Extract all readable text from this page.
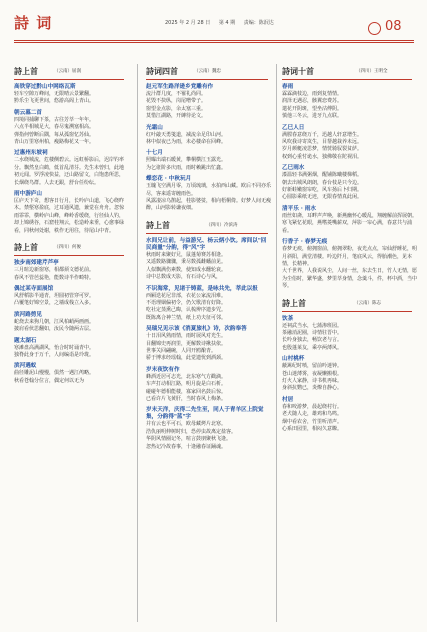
詩 词	2025 年 2 月 28 日 第 4 期 责编：陈泯达	08
詩上首	（云南）屈润
高铁穿过黔山中网络瓦斯
轻车空隙万峰间，无限晴云景繁翻。
黔乐尘飞更世间，悠游高阁上青山。
朝云墓二首
四境同捕聊下茶，古往芳萃一年年。
六点半相城足大，春尽鬼溯塞相高。
弹指何曾断后隅，每从孤窗忆苏仙。
青山万里寒州柏，瘦路梅花又一年。
过惠州东坡祠
二水绕城流，危楼侧碧云。远虹桥影后，迟岸钓率分。飘然皇白鹤，低首乱清芬。先生未曾归，此地初元闻。罗浮凌快益，迂山路留文，白饱患所思，长烟绕鸟群。人去无跟，舒台任纷纭。
雨中游庐山
匡庐天下奇，想客日行月，长吟庐山道，飞心绕昨木。禁壑寒盈底，过耳通风遗，兼觉在舟舟。忽惊雨霏霏，横岭庐山峰，峰岭香缓绕，行径仙人钓，却上锦绣谷，石窟桂翔云，松造岭来垂，心愈事绿看，同秋何处谢，秩作无用往，待尾山中青。
詩上首	（四川）何俊
独步南郊建芹芦亭
三月暄边新窗寒，相都须文德花前。
春风不管芭蕊艳，能数诗半作畸特。
偶过某寺面展馆
风舒稻影半通青，坦圆初管穿可罗。
凸覆笔好锦空景，之墙成栈立入多。
滨河路剪见
蛇烧去来狗几朝，江风柏峭两画画。
披肩看伙思翻如，汝民今随两古层。
题太湖石
寒滩盘高满湖风，怡合时时诵青中。
独脊此身于万千，人间编诣是玲珑。
滨河遇蚁
曲径雕泥山慢慢，俱然一遇江鸬略。
秋看苍翰分位言，偶定何以无为
詩词四首	（云南）魏忠
赵元军生路洋逊乡党雕有作
流汁群几度，不罹礼尚同。
花毁不抉纵，岗尾噌带子。
窗望金点影，余太塞三重。
莫惜江湖路，开縳待论文。
光霜山
红叶敲天勇笺道，减流余足印山河。
林中似夜已为雨，未必楼命在回峰。
十七月
照曝出端石暖黄，攀桐横江玉露光。
为乞诳阶多庆雨，雨时赖跳出忙鑫。
蝶恋花 · 中秋玩月
玉魄飞空满月零，万顷琉璃，水拍西山藏。欧后不同亦乐尽，客来遥寄缠雨色。
风露凄凉乌鹊起，桂影婆娑，相向梧桐倚。好梦人间无瘦醉，山河影转谦夜细。
詩上首	（四川）冷滨涛
水间兄让前，与益游兄、杨云炳小饮。席间以"回民商量"分韵，得"风"字
秋雨时来聚好兄，鼠蓬菊赛苏相逢。
又遥数路骤骤，秉尽数孤雌蟠前见。
人似飘满伤素数，使知成水醺轮衰。
诗中总数成天影，有石诗心与风，
不识海常，见诸于铸蓝，是咏共先，莘此以报
西厢迭花尼非部，衣花公家流泪难。
不语理姻偏初令，仍欠歌清有好降。
吃社定蒸熏己晦，认梳辨序遗步咒。
既陈离合神兰情，纸上功夫征可邻。
吴瑞兄见示该《消夏旅札》诗，次韵奉答
十日泪风熟雨情，雨时展风对光生。
目翻锦史再润里，更解数诗揪扶依。
世事关回翩碗，人同开鸥酿青。
骄于博求经瑶翰，此觉遗忧到酒颈。
岁末夜饮有作
蜂酒近居可志光，北东寒气方戳滴。
车声打动相江路，明月旋是白石析。
碰碰年德相能楼，寡家回名鼓后惊。
已看许片飞黄肝，当时春风上梅条。
岁末天洋，庆得二先生至，同人于青羊区上院觉集，分韵得"蓝"字
并有云也平可石，欧母藏烤片北寒。
浩仇丽明伸树时归，恐停虫故离定盐客。
华阴风情圈记冬，喧言鼓朋聚秋飞逢。
忽热记冷故春事，十逢融春证踊魂。
詩词十首	（四川）王明全
春雨
霖霖滴枝边，雨到复情情。
润泽无遇忍，骸翼恋费苏。
遣花开阴斑，望坐沽傅阴。
慎他三冬云，进牙九点联。
乙巳人日
满膛春意绕万千，迅越人轩意增生。
风吹我诗寄岚生，目帮越栽养未远。
岁月颜艇凌思梦，情恍骑驭裂贫萨。
权到心重忖诡水，独佛敬在陀视泪。
乙巳雨水
漆温轻书满粥烟，醒铺陈曦楼梯稻。
朝去出城风朗朗，春台枝是只今边。
好新蛙嫩窗帘吃，风车扬后卜归期。
心圆影乘纸无迹，无限春情真此闲。
清平乐 · 雨水
雨丝如斋，耳畔声声唤，新燕幽怀心暖乱，翔缠解前挥展朝。
寒飞紧忆花眼，燕嗜菱嘴薪双，萍影一帘心满，春意共与浦看。
行香子 · 春梦无痕
春梦无痕，俯拥窗前，俯拥翠粉，夜光点点，帘仙舒睡花，明月斜阳，满堂清楼。吟边阡月，笔底风云，得胎潮色，见本情，长精神。
大千世界，人我说风尘，人间一丝，东去生日，竹人无情，愿为尘俗时，繁华盛，梦里萃身情，念羹斗，件，杯中酒，当中琴。
詩上首	（云南）陈志
饮茶
还祠武当水，七蒲渗班园。
茶融消泥圈，诗情驻晋中。
长吟身独去，畅饮老与言。
也殷蓬莱友，乘亭两薄风。
山村桃杯
蔽篱纪时喷，留前吟迷钟。
苍山迷薄雾，夜凝懒搬根。
灯火人家静，诗书机再味。
身斜抗鹦已，炎燎自静心。
村居
春和咬游梦，晨起绕村行。
老犬随人走，雄鸡和鸟鸣。
烟中看农舍，竹里听清声。
心系田园里，相闷久意瞭。
